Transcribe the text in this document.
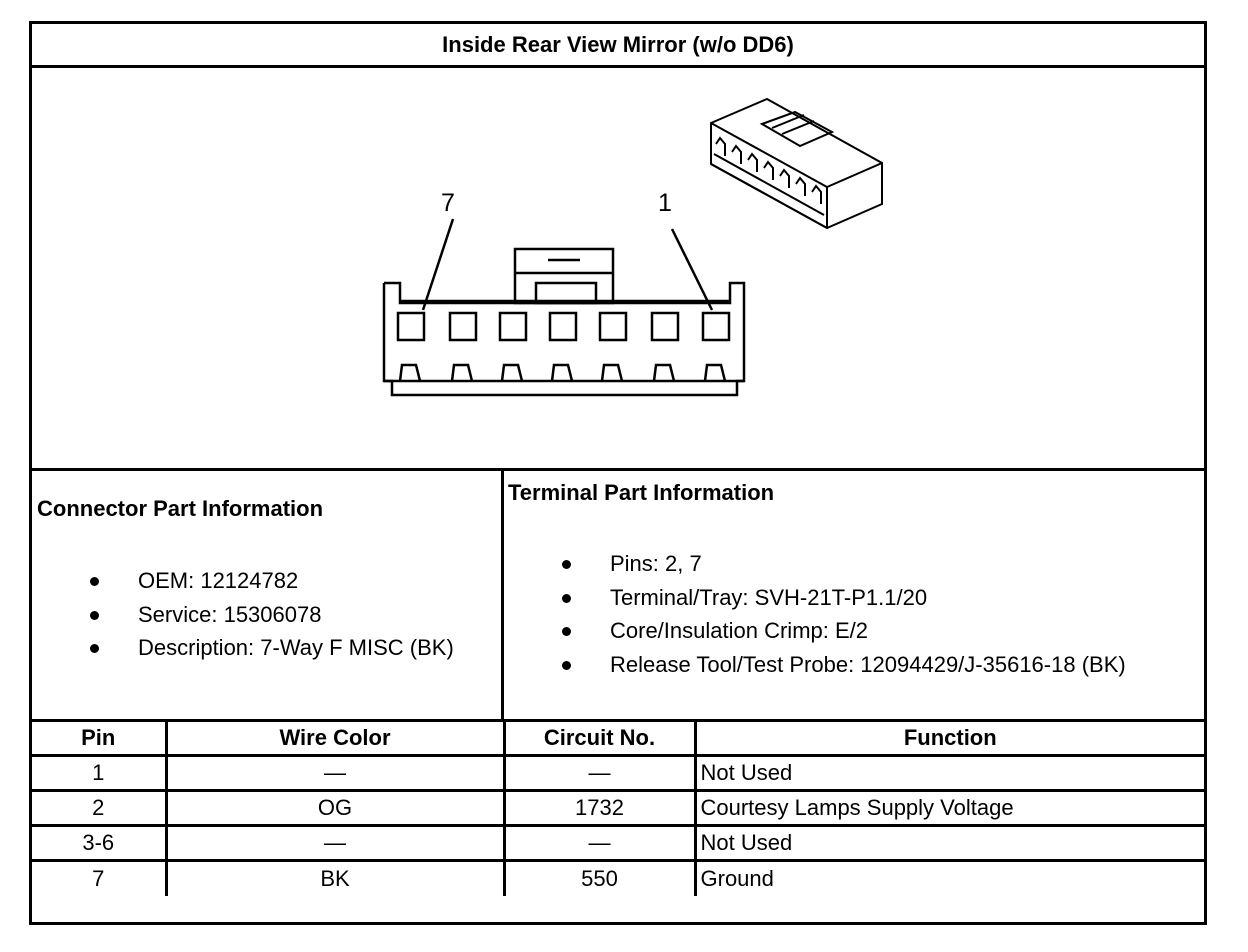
Inside Rear View Mirror (w/o DD6)
7	1
Connector Part Information
OEM: 12124782
Service: 15306078
Description: 7-Way F MISC (BK)
Terminal Part Information
Pins: 2, 7
Terminal/Tray: SVH-21T-P1.1/20
Core/Insulation Crimp: E/2
Release Tool/Test Probe: 12094429/J-35616-18 (BK)
Pin	Wire Color	Circuit No.	Function
1	—	—	Not Used
2	OG	1732	Courtesy Lamps Supply Voltage
3-6	—	—	Not Used
7	BK	550	Ground
